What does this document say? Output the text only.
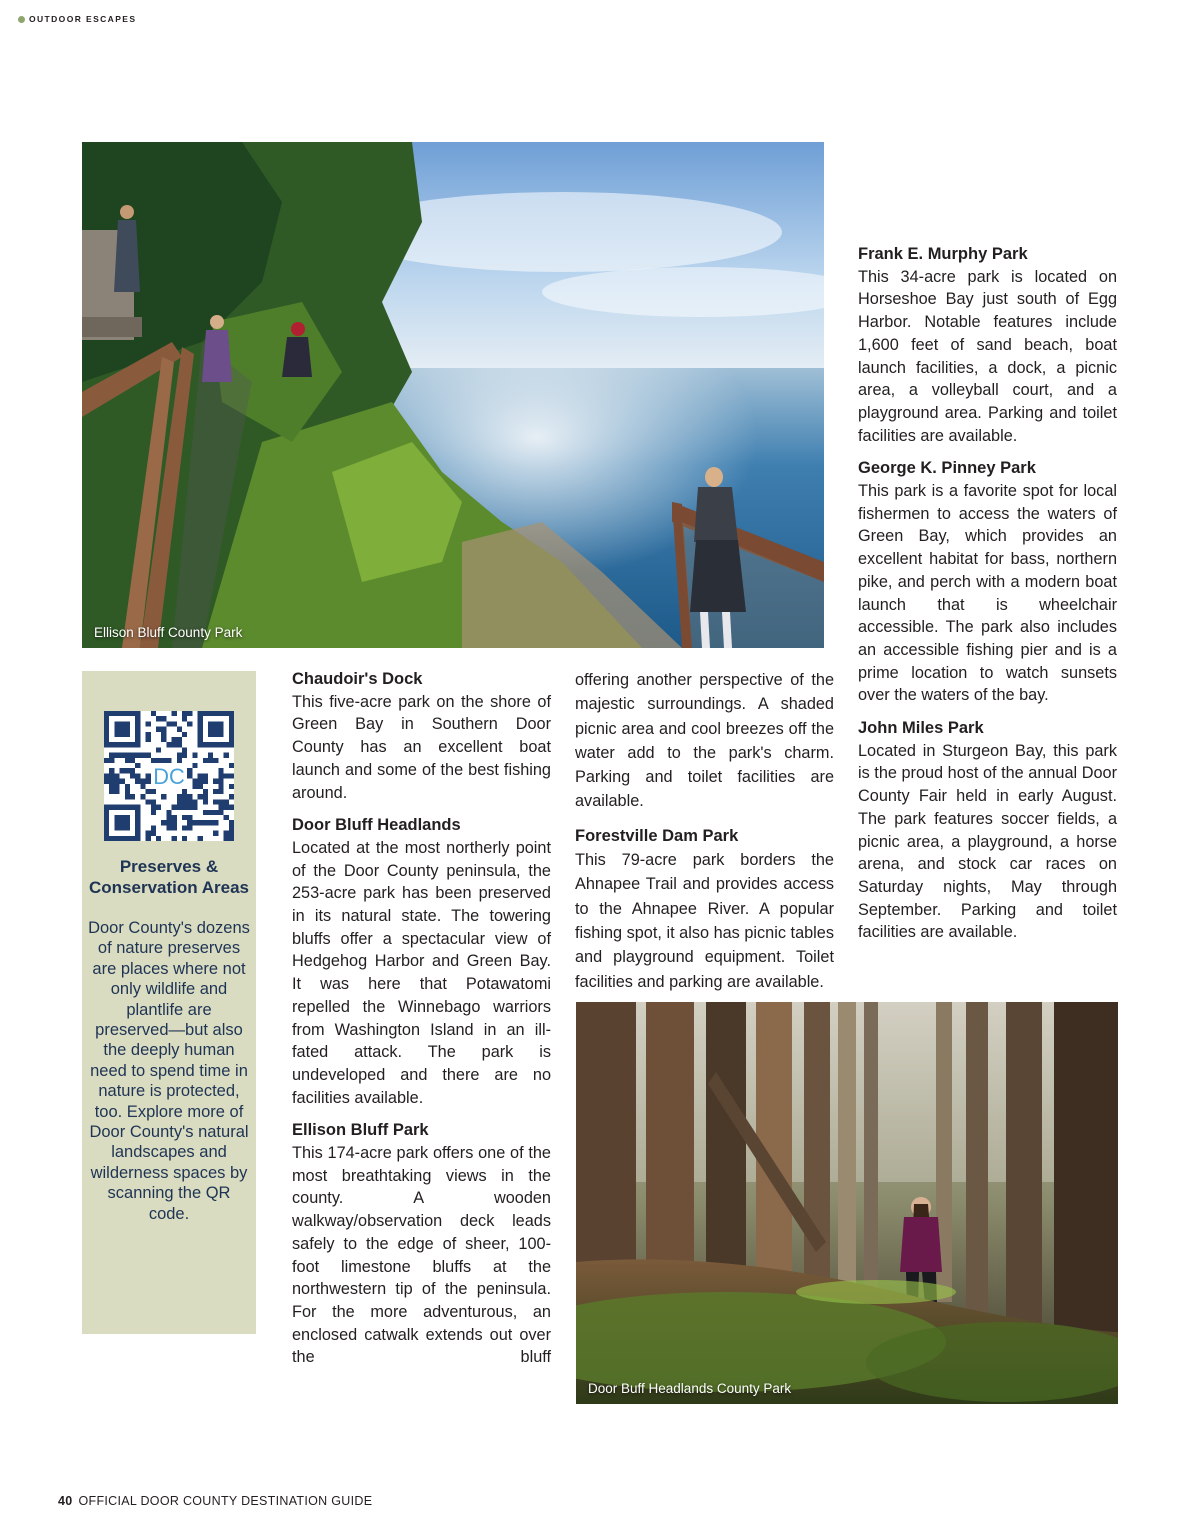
OUTDOOR ESCAPES
Ellison Bluff County Park
DC
Preserves & Conservation Areas

Door County's dozens of nature preserves are places where not only wildlife and plantlife are preserved—but also the deeply human need to spend time in nature is protected, too. Explore more of Door County's natural landscapes and wilderness spaces by scanning the QR code.

Chaudoir's Dock

This five-acre park on the shore of Green Bay in Southern Door County has an excellent boat launch and some of the best fishing around.

Door Bluff Headlands

Located at the most northerly point of the Door County peninsula, the 253-acre park has been preserved in its natural state. The towering bluffs offer a spectacular view of Hedgehog Harbor and Green Bay. It was here that Potawatomi repelled the Winnebago warriors from Washington Island in an ill-fated attack. The park is undeveloped and there are no facilities available.

Ellison Bluff Park

This 174-acre park offers one of the most breathtaking views in the county. A wooden walkway/observation deck leads safely to the edge of sheer, 100-foot limestone bluffs at the northwestern tip of the peninsula. For the more adventurous, an enclosed catwalk extends out over the bluff

offering another perspective of the majestic surroundings. A shaded picnic area and cool breezes off the water add to the park's charm. Parking and toilet facilities are available.

Forestville Dam Park

This 79-acre park borders the Ahnapee Trail and provides access to the Ahnapee River. A popular fishing spot, it also has picnic tables and playground equipment. Toilet facilities and parking are available.

Frank E. Murphy Park

This 34-acre park is located on Horseshoe Bay just south of Egg Harbor. Notable features include 1,600 feet of sand beach, boat launch facilities, a dock, a picnic area, a volleyball court, and a playground area. Parking and toilet facilities are available.

George K. Pinney Park

This park is a favorite spot for local fishermen to access the waters of Green Bay, which provides an excellent habitat for bass, northern pike, and perch with a modern boat launch that is wheelchair accessible. The park also includes an accessible fishing pier and is a prime location to watch sunsets over the waters of the bay.

John Miles Park

Located in Sturgeon Bay, this park is the proud host of the annual Door County Fair held in early August. The park features soccer fields, a picnic area, a playground, a horse arena, and stock car races on Saturday nights, May through September. Parking and toilet facilities are available.

Door Buff Headlands County Park
40 OFFICIAL DOOR COUNTY DESTINATION GUIDE
